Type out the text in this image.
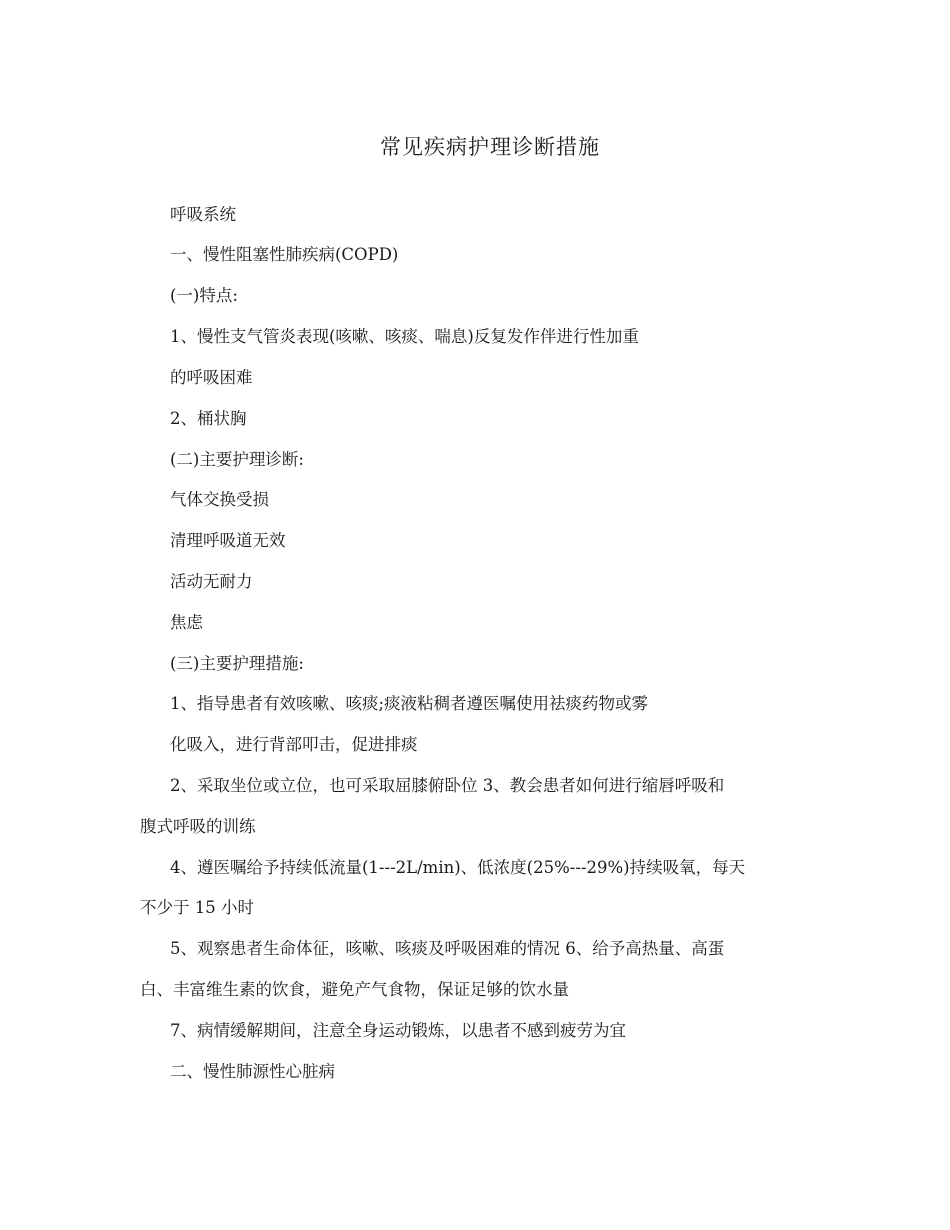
常见疾病护理诊断措施
呼吸系统
一、慢性阻塞性肺疾病(COPD)
(一)特点:
1、慢性支气管炎表现(咳嗽、咳痰、喘息)反复发作伴进行性加重
的呼吸困难
2、桶状胸
(二)主要护理诊断:
气体交换受损
清理呼吸道无效
活动无耐力
焦虑
(三)主要护理措施:
1、指导患者有效咳嗽、咳痰;痰液粘稠者遵医嘱使用祛痰药物或雾
化吸入，进行背部叩击，促进排痰
2、采取坐位或立位，也可采取屈膝俯卧位 3、教会患者如何进行缩唇呼吸和
腹式呼吸的训练
4、遵医嘱给予持续低流量(1---2L/min)、低浓度(25%---29%)持续吸氧，每天
不少于 15 小时
5、观察患者生命体征，咳嗽、咳痰及呼吸困难的情况 6、给予高热量、高蛋
白、丰富维生素的饮食，避免产气食物，保证足够的饮水量
7、病情缓解期间，注意全身运动锻炼，以患者不感到疲劳为宜
二、慢性肺源性心脏病
